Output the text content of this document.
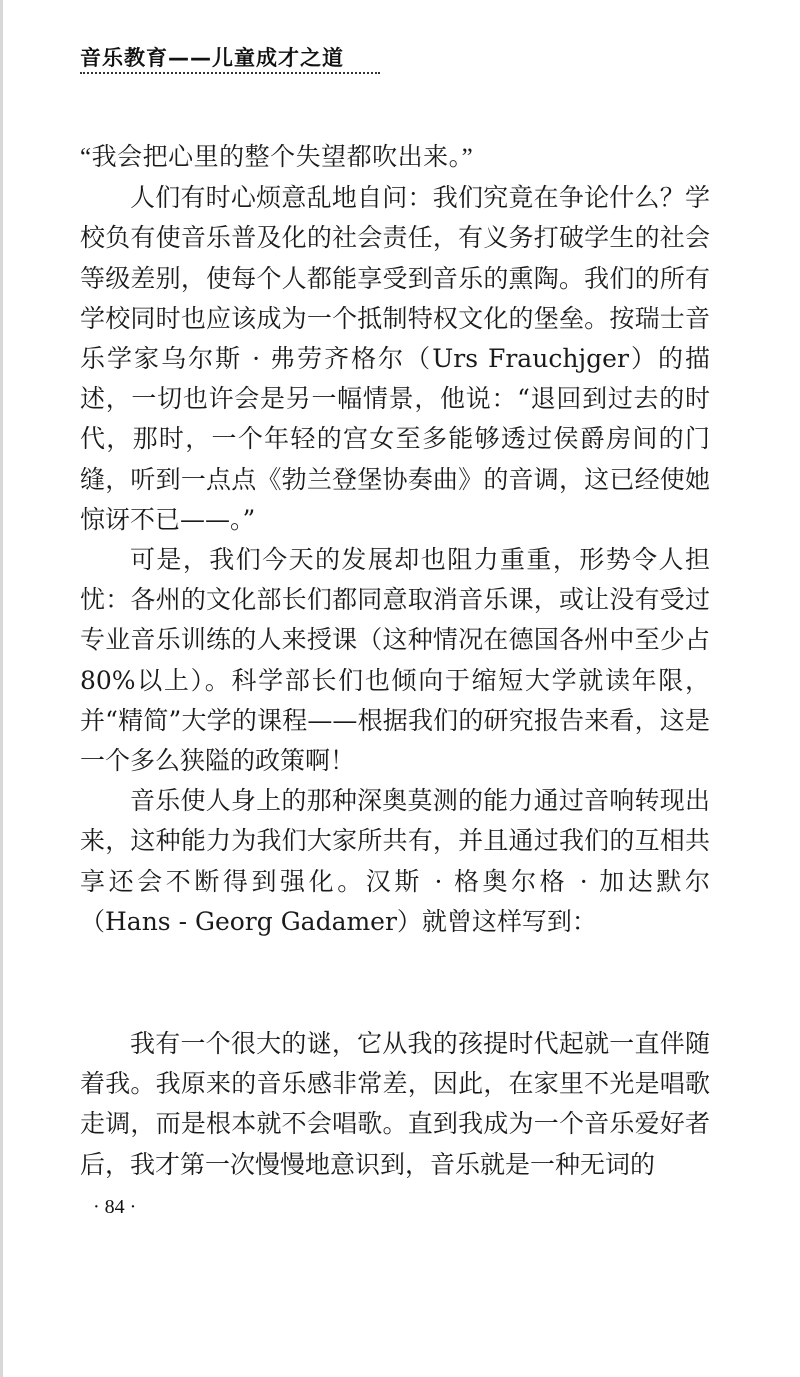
音乐教育——儿童成才之道

“我会把心里的整个失望都吹出来。”

人们有时心烦意乱地自问：我们究竟在争论什么？学校负有使音乐普及化的社会责任，有义务打破学生的社会等级差别，使每个人都能享受到音乐的熏陶。我们的所有学校同时也应该成为一个抵制特权文化的堡垒。按瑞士音乐学家乌尔斯 · 弗劳齐格尔（Urs Frauchjger）的描述，一切也许会是另一幅情景，他说：“退回到过去的时代，那时，一个年轻的宫女至多能够透过侯爵房间的门缝，听到一点点《勃兰登堡协奏曲》的音调，这已经使她惊讶不已——。”

可是，我们今天的发展却也阻力重重，形势令人担忧：各州的文化部长们都同意取消音乐课，或让没有受过专业音乐训练的人来授课（这种情况在德国各州中至少占80%以上）。科学部长们也倾向于缩短大学就读年限，并“精简”大学的课程——根据我们的研究报告来看，这是一个多么狭隘的政策啊！

音乐使人身上的那种深奥莫测的能力通过音响转现出来，这种能力为我们大家所共有，并且通过我们的互相共享还会不断得到强化。汉斯 · 格奥尔格 · 加达默尔（Hans - Georg Gadamer）就曾这样写到：

我有一个很大的谜，它从我的孩提时代起就一直伴随着我。我原来的音乐感非常差，因此，在家里不光是唱歌走调，而是根本就不会唱歌。直到我成为一个音乐爱好者后，我才第一次慢慢地意识到，音乐就是一种无词的

· 84 ·
